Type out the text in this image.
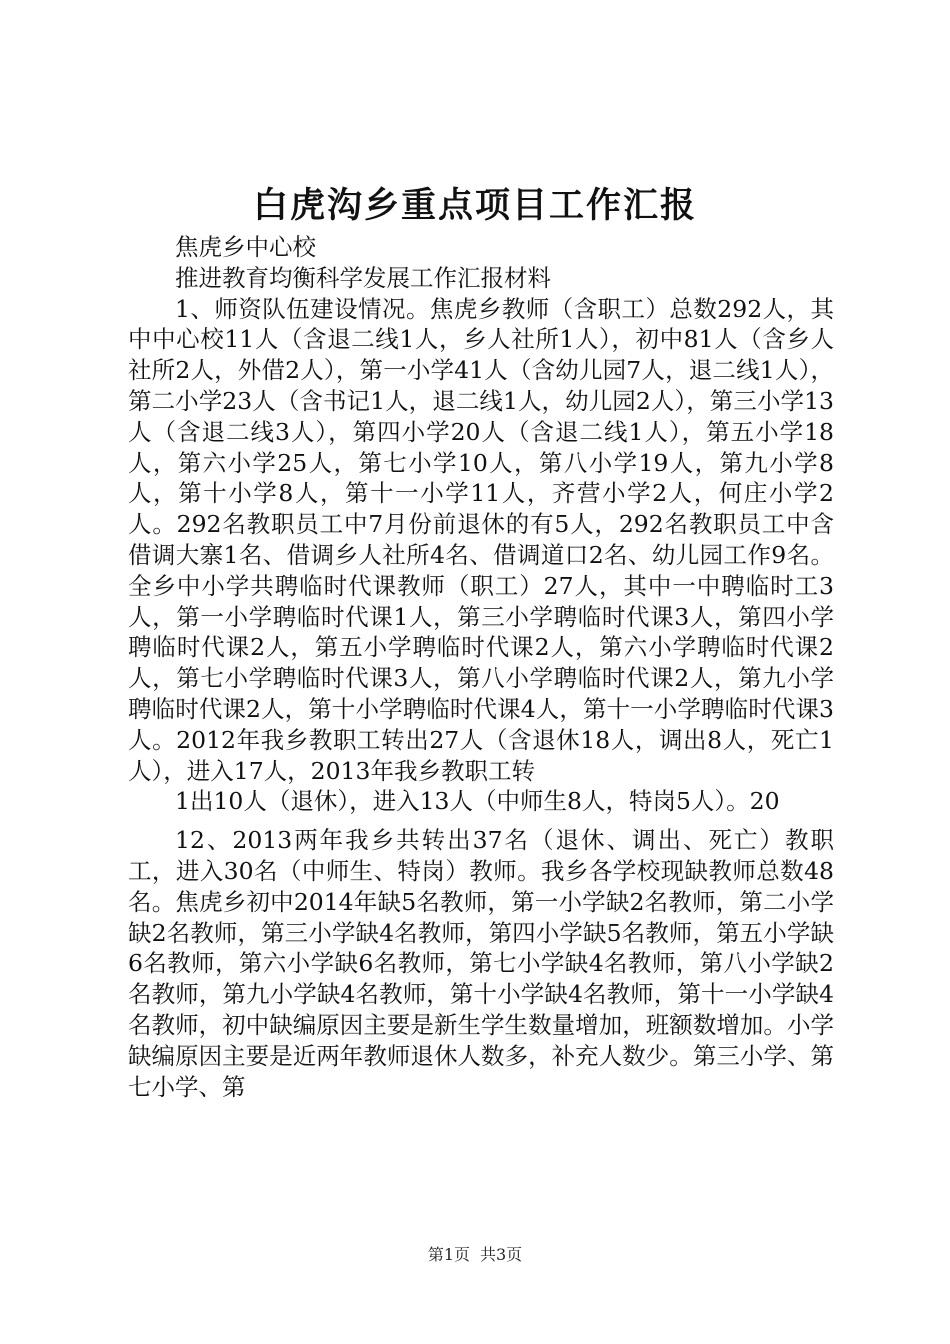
白虎沟乡重点项目工作汇报

焦虎乡中心校

推进教育均衡科学发展工作汇报材料

1、师资队伍建设情况。焦虎乡教师（含职工）总数292人，其中中心校11人（含退二线1人，乡人社所1人），初中81人（含乡人社所2人，外借2人），第一小学41人（含幼儿园7人，退二线1人），第二小学23人（含书记1人，退二线1人，幼儿园2人），第三小学13人（含退二线3人），第四小学20人（含退二线1人），第五小学18人，第六小学25人，第七小学10人，第八小学19人，第九小学8人，第十小学8人，第十一小学11人，齐营小学2人，何庄小学2人。292名教职员工中7月份前退休的有5人，292名教职员工中含借调大寨1名、借调乡人社所4名、借调道口2名、幼儿园工作9名。全乡中小学共聘临时代课教师（职工）27人，其中一中聘临时工3人，第一小学聘临时代课1人，第三小学聘临时代课3人，第四小学聘临时代课2人，第五小学聘临时代课2人，第六小学聘临时代课2人，第七小学聘临时代课3人，第八小学聘临时代课2人，第九小学聘临时代课2人，第十小学聘临时代课4人，第十一小学聘临时代课3人。2012年我乡教职工转出27人（含退休18人，调出8人，死亡1人），进入17人，2013年我乡教职工转

1出10人（退休），进入13人（中师生8人，特岗5人）。20

12、2013两年我乡共转出37名（退休、调出、死亡）教职工，进入30名（中师生、特岗）教师。我乡各学校现缺教师总数48名。焦虎乡初中2014年缺5名教师，第一小学缺2名教师，第二小学缺2名教师，第三小学缺4名教师，第四小学缺5名教师，第五小学缺6名教师，第六小学缺6名教师，第七小学缺4名教师，第八小学缺2名教师，第九小学缺4名教师，第十小学缺4名教师，第十一小学缺4名教师，初中缺编原因主要是新生学生数量增加，班额数增加。小学缺编原因主要是近两年教师退休人数多，补充人数少。第三小学、第七小学、第

第1页 共3页
